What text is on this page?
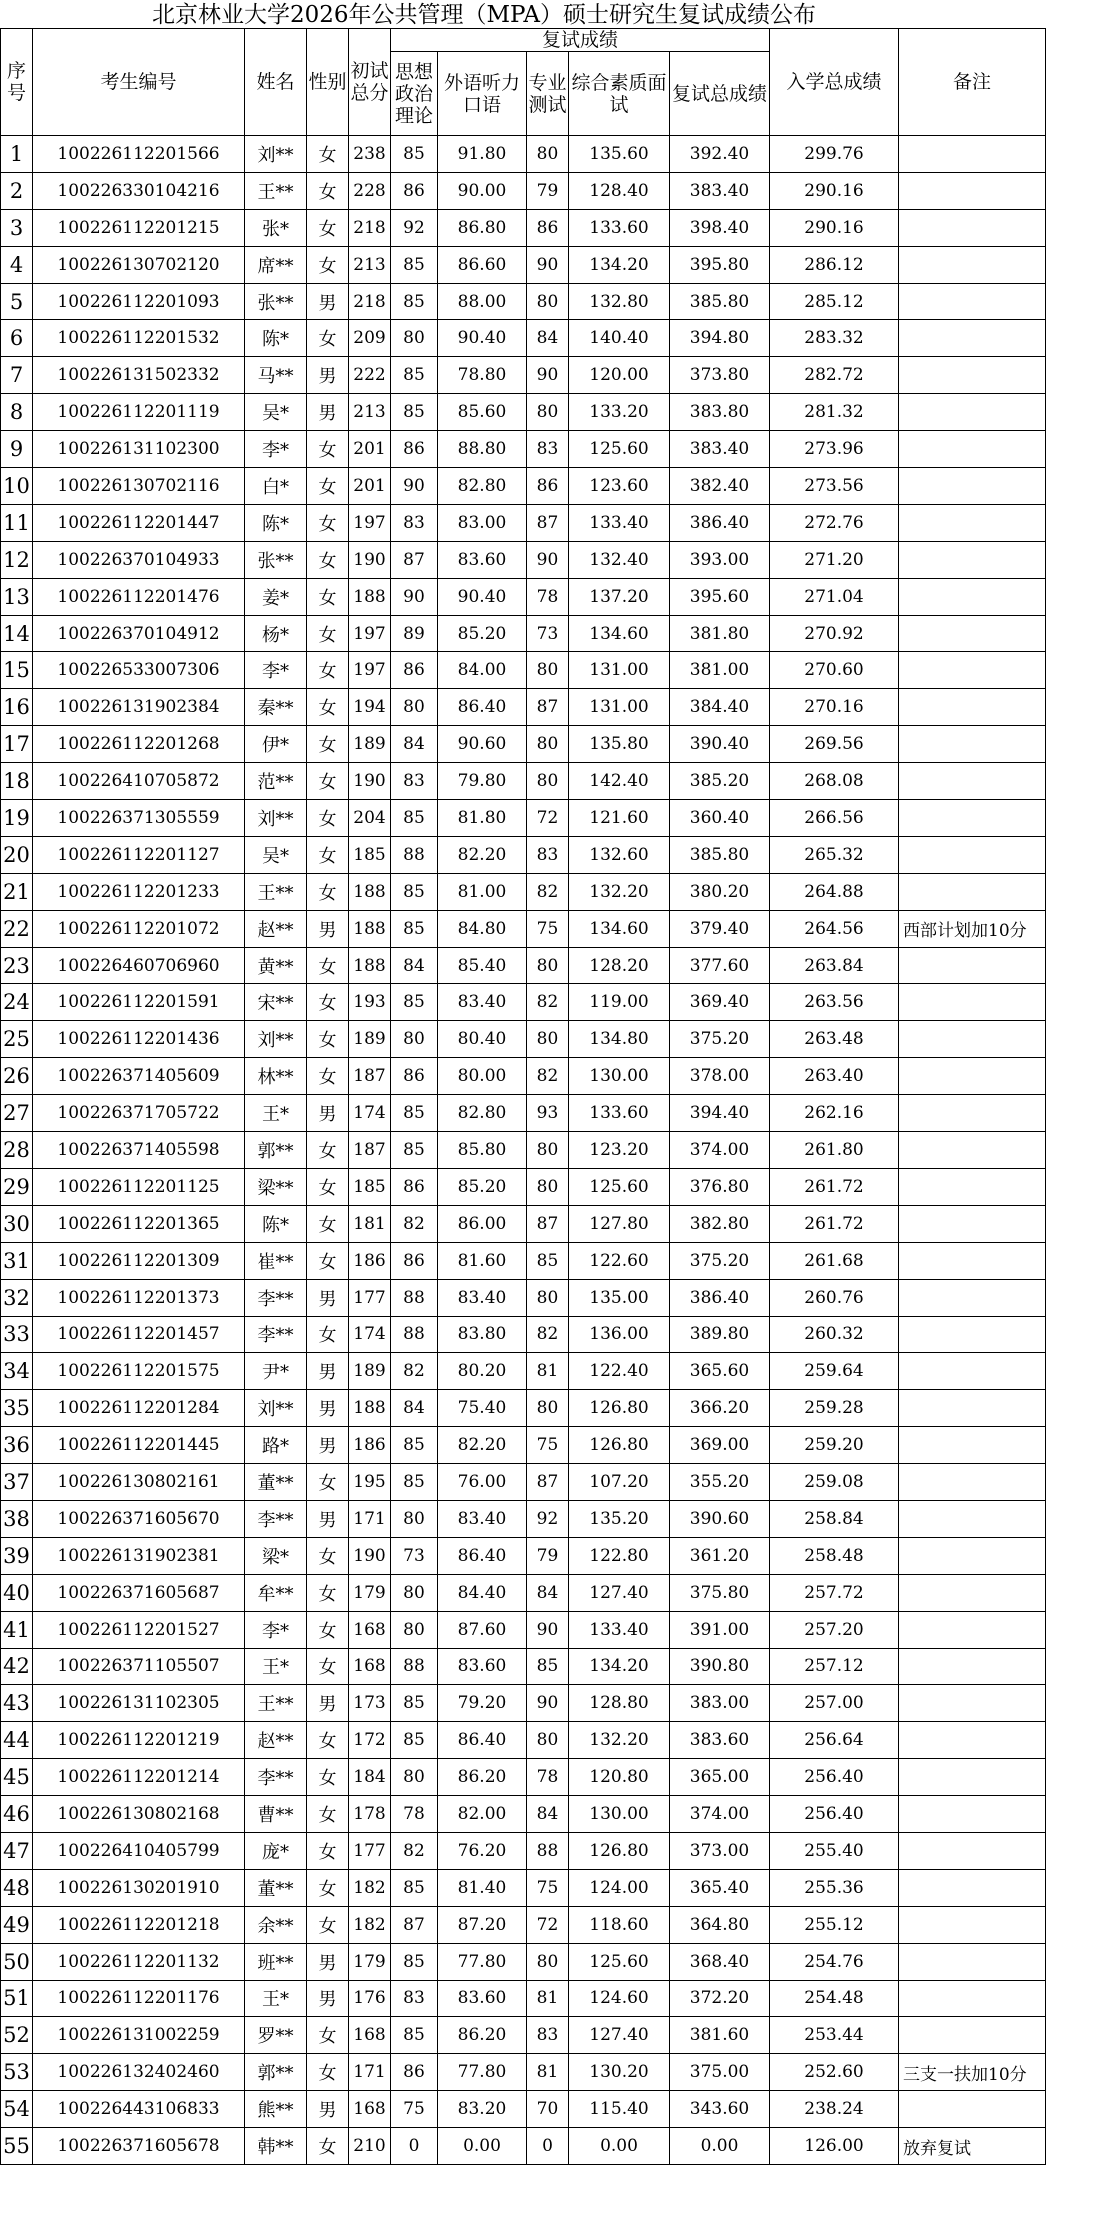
北京林业大学2026年公共管理（MPA）硕士研究生复试成绩公布
序号	考生编号	姓名	性别	初试总分	复试成绩					入学总成绩	备注
					思想政治理论	外语听力口语	专业测试	综合素质面试	复试总成绩		
1	100226112201566	刘**	女	238	85	91.80	80	135.60	392.40	299.76	
2	100226330104216	王**	女	228	86	90.00	79	128.40	383.40	290.16	
3	100226112201215	张*	女	218	92	86.80	86	133.60	398.40	290.16	
4	100226130702120	席**	女	213	85	86.60	90	134.20	395.80	286.12	
5	100226112201093	张**	男	218	85	88.00	80	132.80	385.80	285.12	
6	100226112201532	陈*	女	209	80	90.40	84	140.40	394.80	283.32	
7	100226131502332	马**	男	222	85	78.80	90	120.00	373.80	282.72	
8	100226112201119	吴*	男	213	85	85.60	80	133.20	383.80	281.32	
9	100226131102300	李*	女	201	86	88.80	83	125.60	383.40	273.96	
10	100226130702116	白*	女	201	90	82.80	86	123.60	382.40	273.56	
11	100226112201447	陈*	女	197	83	83.00	87	133.40	386.40	272.76	
12	100226370104933	张**	女	190	87	83.60	90	132.40	393.00	271.20	
13	100226112201476	姜*	女	188	90	90.40	78	137.20	395.60	271.04	
14	100226370104912	杨*	女	197	89	85.20	73	134.60	381.80	270.92	
15	100226533007306	李*	女	197	86	84.00	80	131.00	381.00	270.60	
16	100226131902384	秦**	女	194	80	86.40	87	131.00	384.40	270.16	
17	100226112201268	伊*	女	189	84	90.60	80	135.80	390.40	269.56	
18	100226410705872	范**	女	190	83	79.80	80	142.40	385.20	268.08	
19	100226371305559	刘**	女	204	85	81.80	72	121.60	360.40	266.56	
20	100226112201127	吴*	女	185	88	82.20	83	132.60	385.80	265.32	
21	100226112201233	王**	女	188	85	81.00	82	132.20	380.20	264.88	
22	100226112201072	赵**	男	188	85	84.80	75	134.60	379.40	264.56	西部计划加10分
23	100226460706960	黄**	女	188	84	85.40	80	128.20	377.60	263.84	
24	100226112201591	宋**	女	193	85	83.40	82	119.00	369.40	263.56	
25	100226112201436	刘**	女	189	80	80.40	80	134.80	375.20	263.48	
26	100226371405609	林**	女	187	86	80.00	82	130.00	378.00	263.40	
27	100226371705722	王*	男	174	85	82.80	93	133.60	394.40	262.16	
28	100226371405598	郭**	女	187	85	85.80	80	123.20	374.00	261.80	
29	100226112201125	梁**	女	185	86	85.20	80	125.60	376.80	261.72	
30	100226112201365	陈*	女	181	82	86.00	87	127.80	382.80	261.72	
31	100226112201309	崔**	女	186	86	81.60	85	122.60	375.20	261.68	
32	100226112201373	李**	男	177	88	83.40	80	135.00	386.40	260.76	
33	100226112201457	李**	女	174	88	83.80	82	136.00	389.80	260.32	
34	100226112201575	尹*	男	189	82	80.20	81	122.40	365.60	259.64	
35	100226112201284	刘**	男	188	84	75.40	80	126.80	366.20	259.28	
36	100226112201445	路*	男	186	85	82.20	75	126.80	369.00	259.20	
37	100226130802161	董**	女	195	85	76.00	87	107.20	355.20	259.08	
38	100226371605670	李**	男	171	80	83.40	92	135.20	390.60	258.84	
39	100226131902381	梁*	女	190	73	86.40	79	122.80	361.20	258.48	
40	100226371605687	牟**	女	179	80	84.40	84	127.40	375.80	257.72	
41	100226112201527	李*	女	168	80	87.60	90	133.40	391.00	257.20	
42	100226371105507	王*	女	168	88	83.60	85	134.20	390.80	257.12	
43	100226131102305	王**	男	173	85	79.20	90	128.80	383.00	257.00	
44	100226112201219	赵**	女	172	85	86.40	80	132.20	383.60	256.64	
45	100226112201214	李**	女	184	80	86.20	78	120.80	365.00	256.40	
46	100226130802168	曹**	女	178	78	82.00	84	130.00	374.00	256.40	
47	100226410405799	庞*	女	177	82	76.20	88	126.80	373.00	255.40	
48	100226130201910	董**	女	182	85	81.40	75	124.00	365.40	255.36	
49	100226112201218	余**	女	182	87	87.20	72	118.60	364.80	255.12	
50	100226112201132	班**	男	179	85	77.80	80	125.60	368.40	254.76	
51	100226112201176	王*	男	176	83	83.60	81	124.60	372.20	254.48	
52	100226131002259	罗**	女	168	85	86.20	83	127.40	381.60	253.44	
53	100226132402460	郭**	女	171	86	77.80	81	130.20	375.00	252.60	三支一扶加10分
54	100226443106833	熊**	男	168	75	83.20	70	115.40	343.60	238.24	
55	100226371605678	韩**	女	210	0	0.00	0	0.00	0.00	126.00	放弃复试
